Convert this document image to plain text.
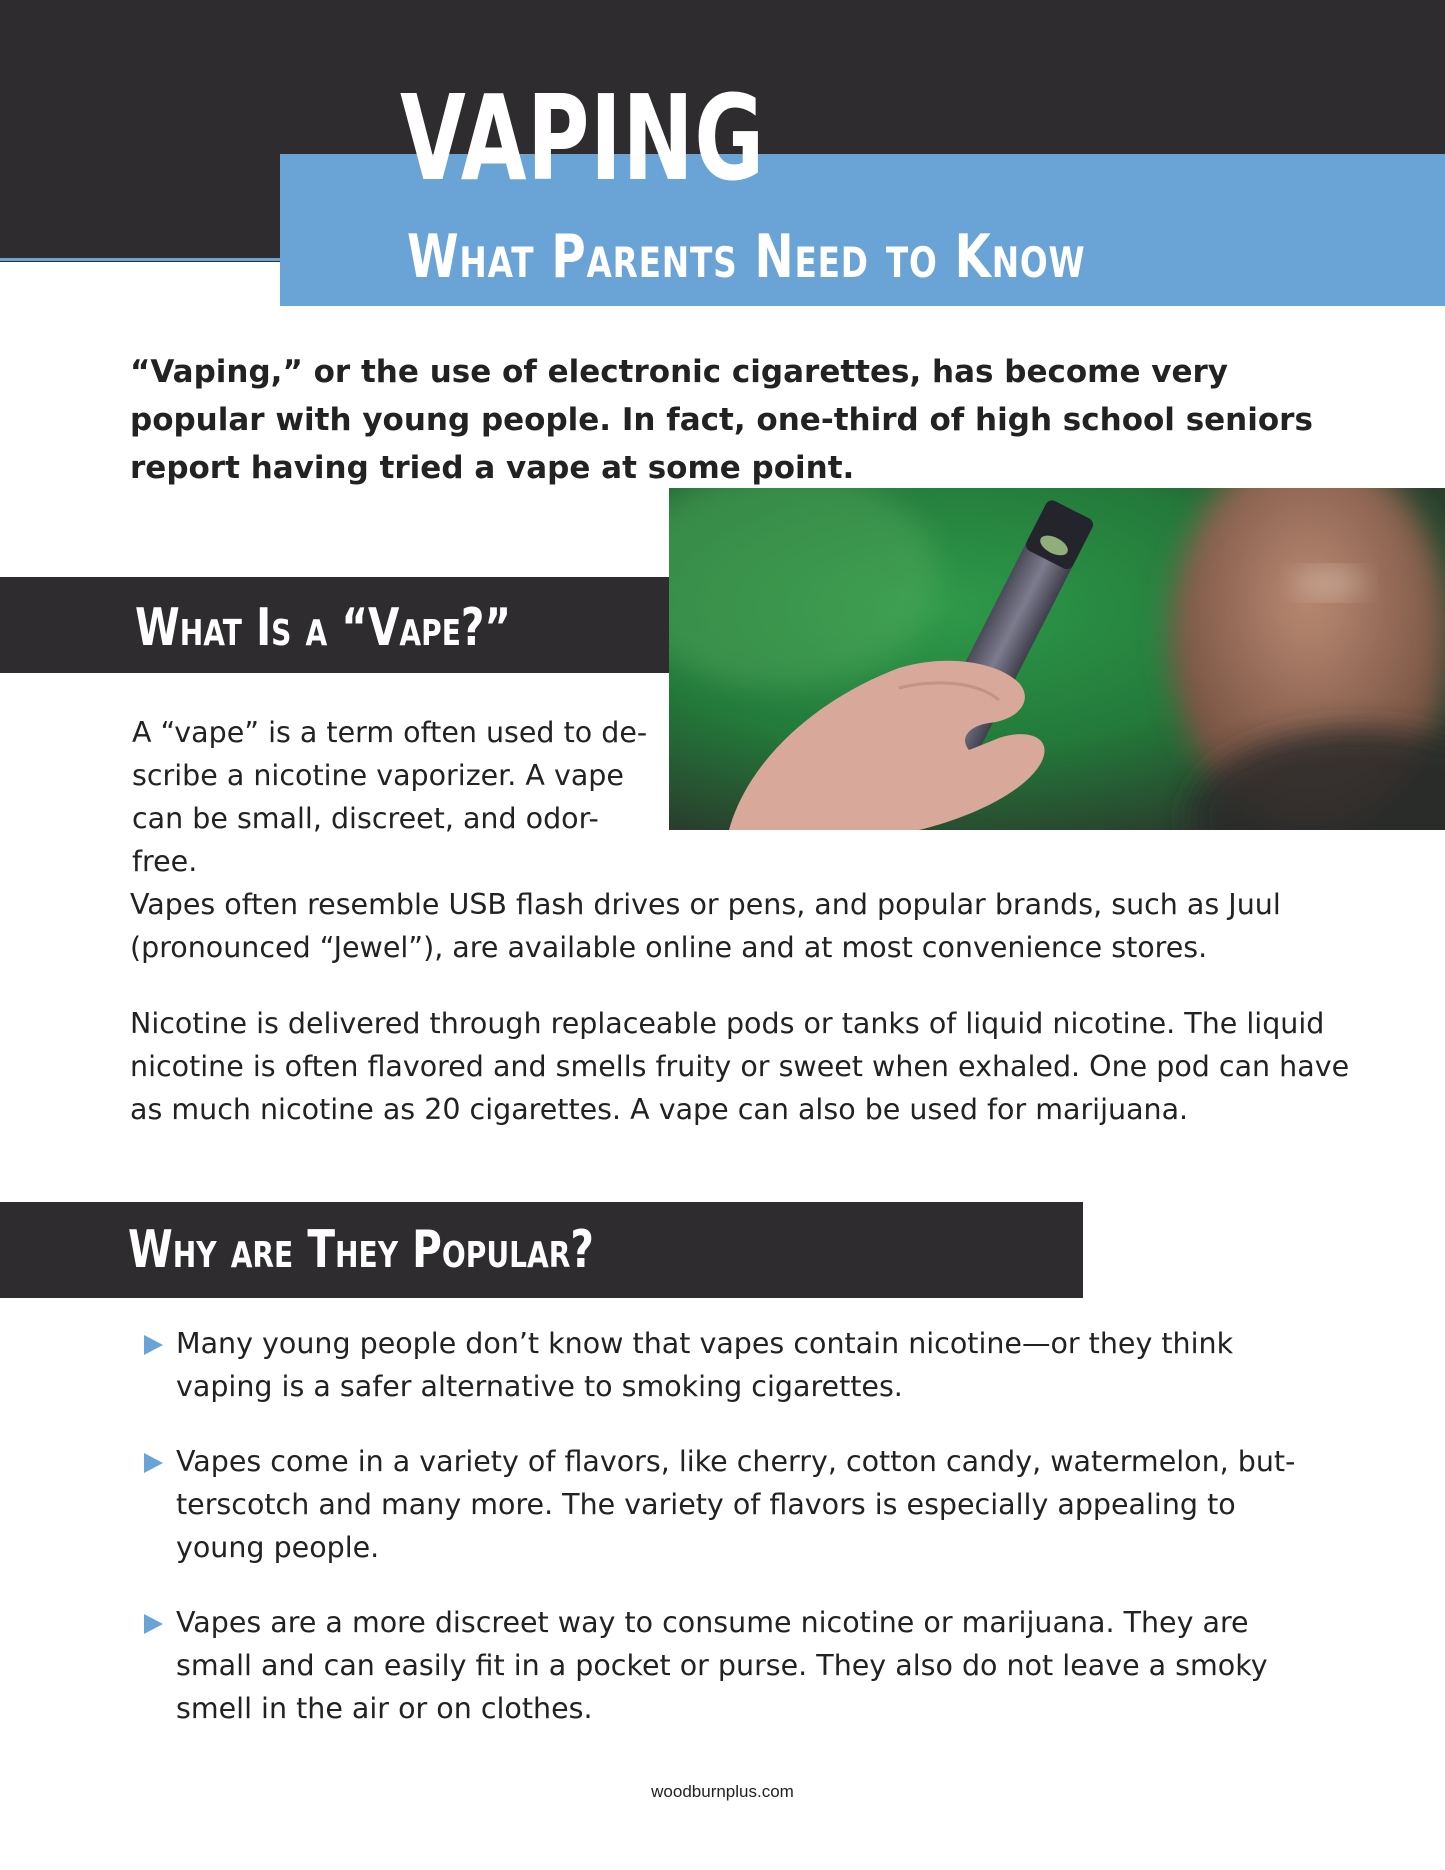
VAPING
What Parents Need to Know

“Vaping,” or the use of electronic cigarettes, has become very popular with young people. In fact, one-third of high school seniors report having tried a vape at some point.

What Is a “Vape?”

A “vape” is a term often used to de-scribe a nicotine vaporizer. A vape can be small, discreet, and odor-free.

Vapes often resemble USB flash drives or pens, and popular brands, such as Juul (pronounced “Jewel”), are available online and at most convenience stores.

Nicotine is delivered through replaceable pods or tanks of liquid nicotine. The liquid nicotine is often flavored and smells fruity or sweet when exhaled. One pod can have as much nicotine as 20 cigarettes. A vape can also be used for marijuana.

Why are They Popular?
Many young people don’t know that vapes contain nicotine—or they think vaping is a safer alternative to smoking cigarettes.
Vapes come in a variety of flavors, like cherry, cotton candy, watermelon, but-terscotch and many more. The variety of flavors is especially appealing to young people.
Vapes are a more discreet way to consume nicotine or marijuana. They are small and can easily fit in a pocket or purse. They also do not leave a smoky smell in the air or on clothes.
woodburnplus.com
